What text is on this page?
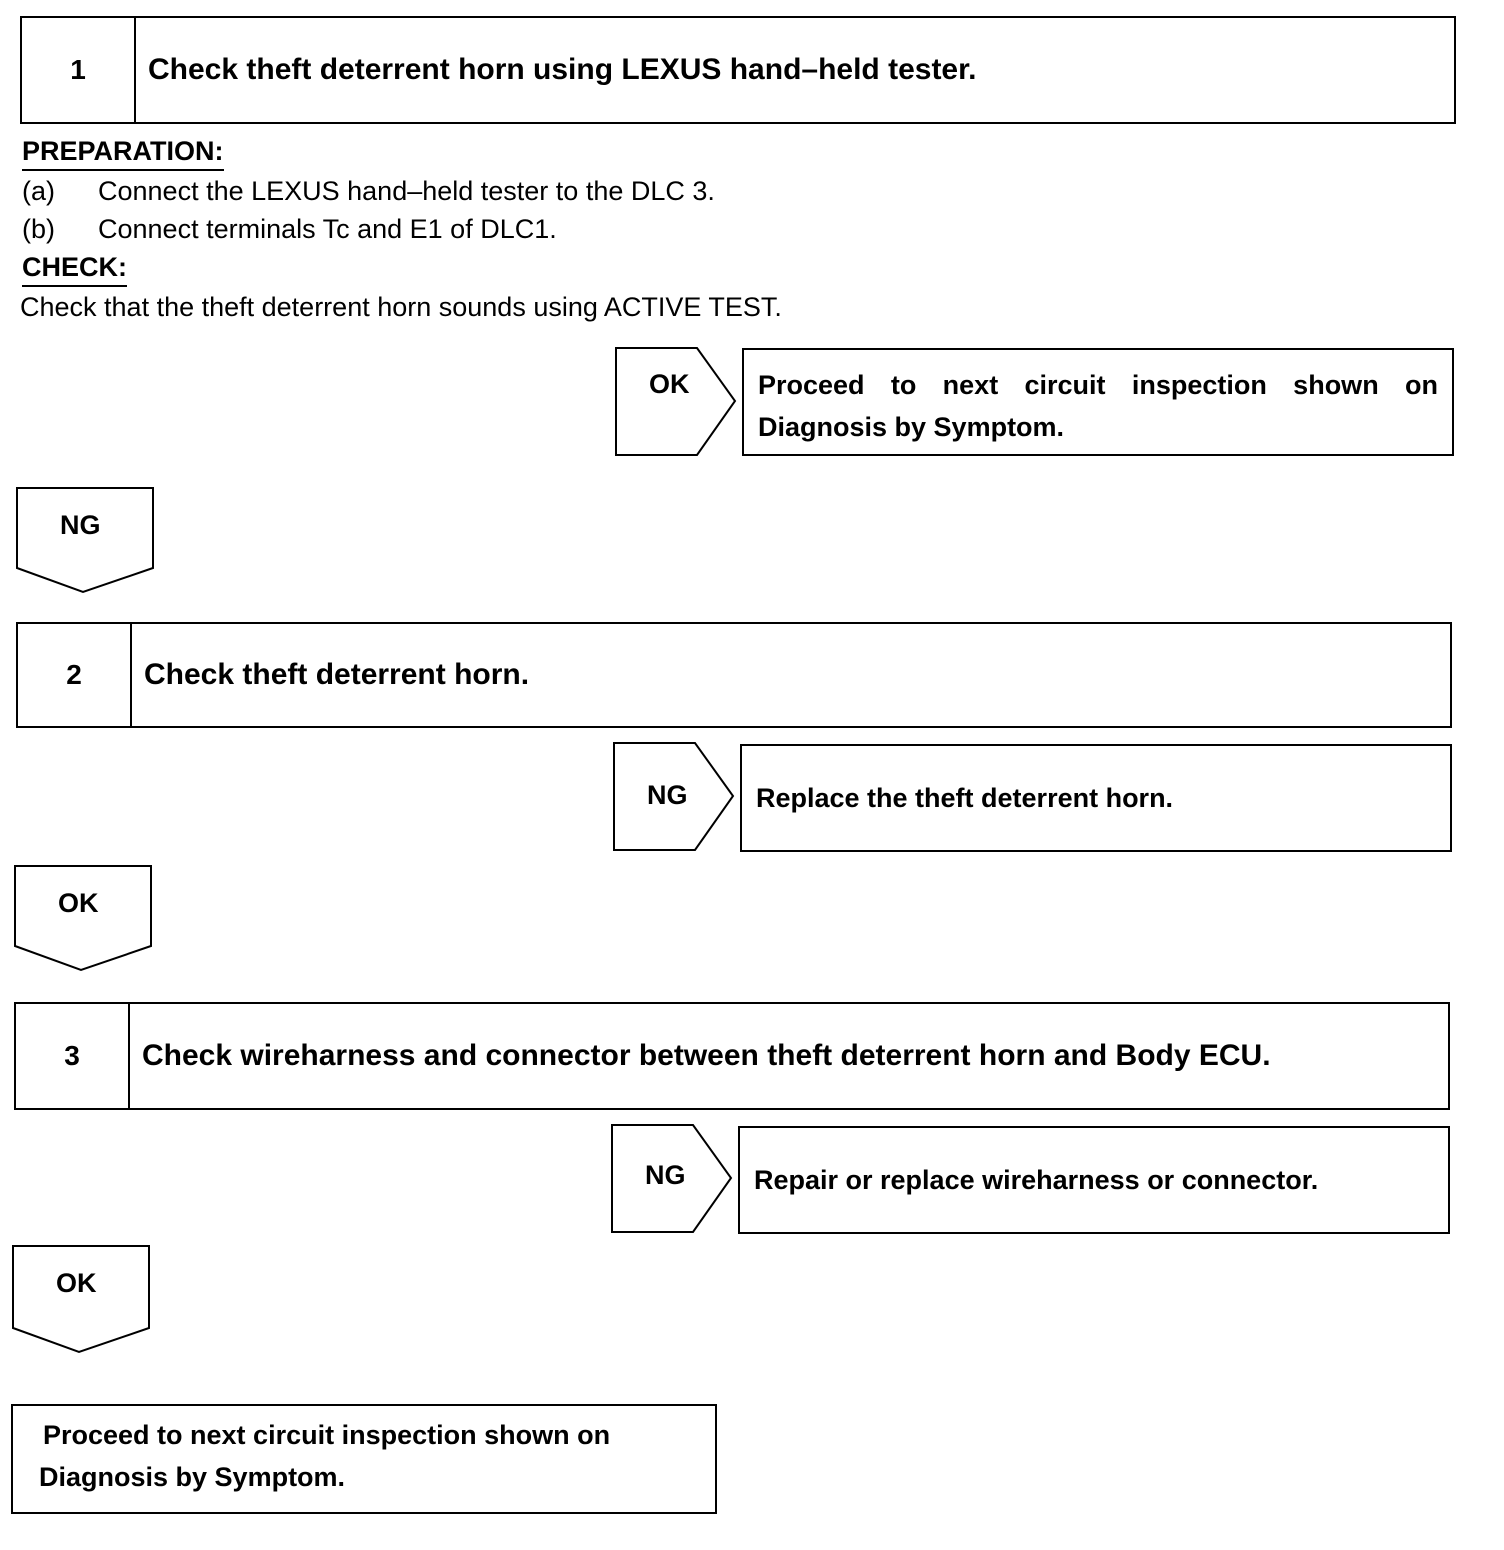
1	Check theft deterrent horn using LEXUS hand–held tester.
PREPARATION:
(a) Connect the LEXUS hand–held tester to the DLC 3.
(b) Connect terminals Tc and E1 of DLC1.
CHECK:
Check that the theft deterrent horn sounds using ACTIVE TEST.
OK	Proceed to next circuit inspection shown on
Diagnosis by Symptom.
NG
2	Check theft deterrent horn.
NG	Replace the theft deterrent horn.
OK
3	Check wireharness and connector between theft deterrent horn and Body ECU.
NG	Repair or replace wireharness or connector.
OK
Proceed to next circuit inspection shown on
Diagnosis by Symptom.
